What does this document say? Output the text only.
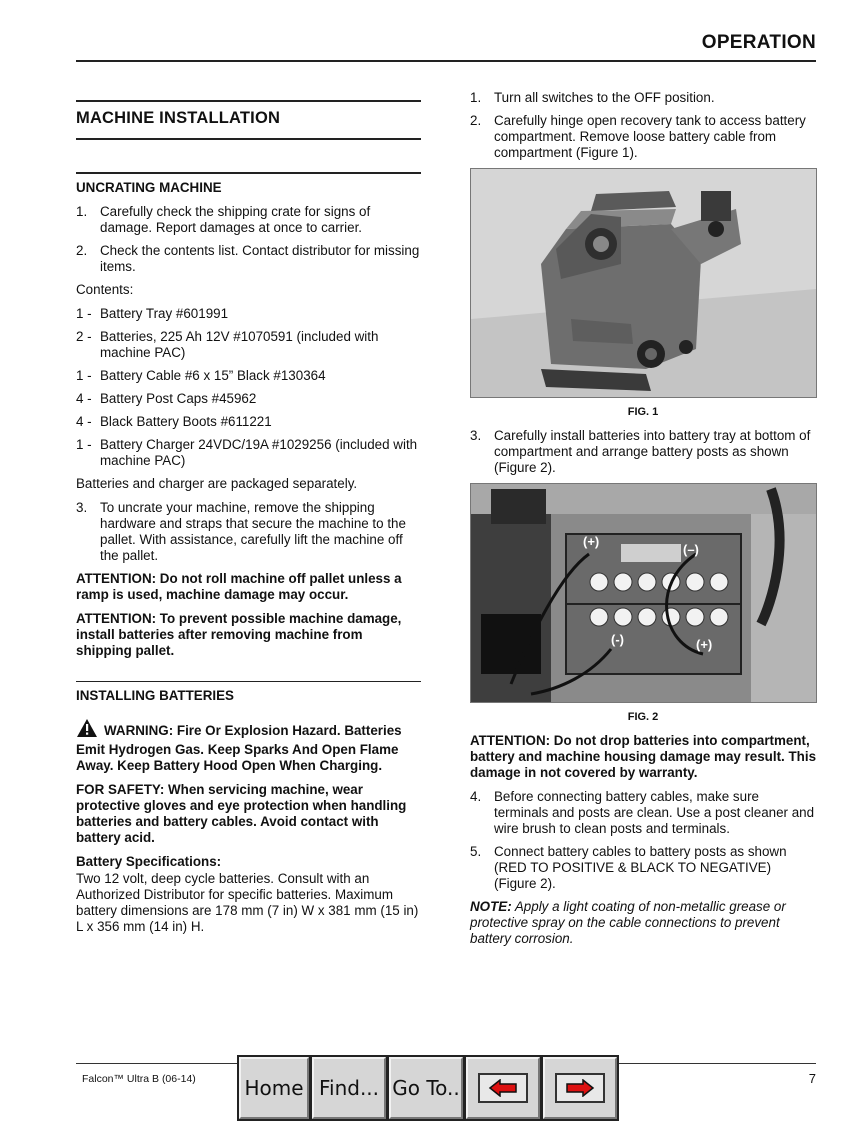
OPERATION
MACHINE INSTALLATION
UNCRATING MACHINE
1. Carefully check the shipping crate for signs of damage. Report damages at once to carrier.
2. Check the contents list. Contact distributor for missing items.
Contents:
1 - Battery Tray #601991
2 - Batteries, 225 Ah 12V #1070591 (included with machine PAC)
1 - Battery Cable #6 x 15” Black #130364
4 - Battery Post Caps #45962
4 - Black Battery Boots #611221
1 - Battery Charger 24VDC/19A #1029256 (included with machine PAC)
Batteries and charger are packaged separately.
3. To uncrate your machine, remove the shipping hardware and straps that secure the machine to the pallet. With assistance, carefully lift the machine off the pallet.
ATTENTION: Do not roll machine off pallet unless a ramp is used, machine damage may occur.
ATTENTION: To prevent possible machine damage, install batteries after removing machine from shipping pallet.
INSTALLING BATTERIES
WARNING: Fire Or Explosion Hazard. Batteries Emit Hydrogen Gas. Keep Sparks And Open Flame Away. Keep Battery Hood Open When Charging.
FOR SAFETY: When servicing machine, wear protective gloves and eye protection when handling batteries and battery cables. Avoid contact with battery acid.
Battery Specifications:
Two 12 volt, deep cycle batteries. Consult with an Authorized Distributor for specific batteries. Maximum battery dimensions are 178 mm (7 in) W x 381 mm (15 in) L x 356 mm (14 in) H.
1. Turn all switches to the OFF position.
2. Carefully hinge open recovery tank to access battery compartment. Remove loose battery cable from compartment (Figure 1).
FIG. 1
3. Carefully install batteries into battery tray at bottom of compartment and arrange battery posts as shown (Figure 2).
(+)
(–)
(-)	(+)
FIG. 2
ATTENTION: Do not drop batteries into compartment, battery and machine housing damage may result. This damage in not covered by warranty.
4. Before connecting battery cables, make sure terminals and posts are clean. Use a post cleaner and wire brush to clean posts and terminals.
5. Connect battery cables to battery posts as shown (RED TO POSITIVE & BLACK TO NEGATIVE) (Figure 2).
NOTE: Apply a light coating of non-metallic grease or protective spray on the cable connections to prevent battery corrosion.
Falcon™ Ultra B (06-14)	7
Home Find... Go To..
